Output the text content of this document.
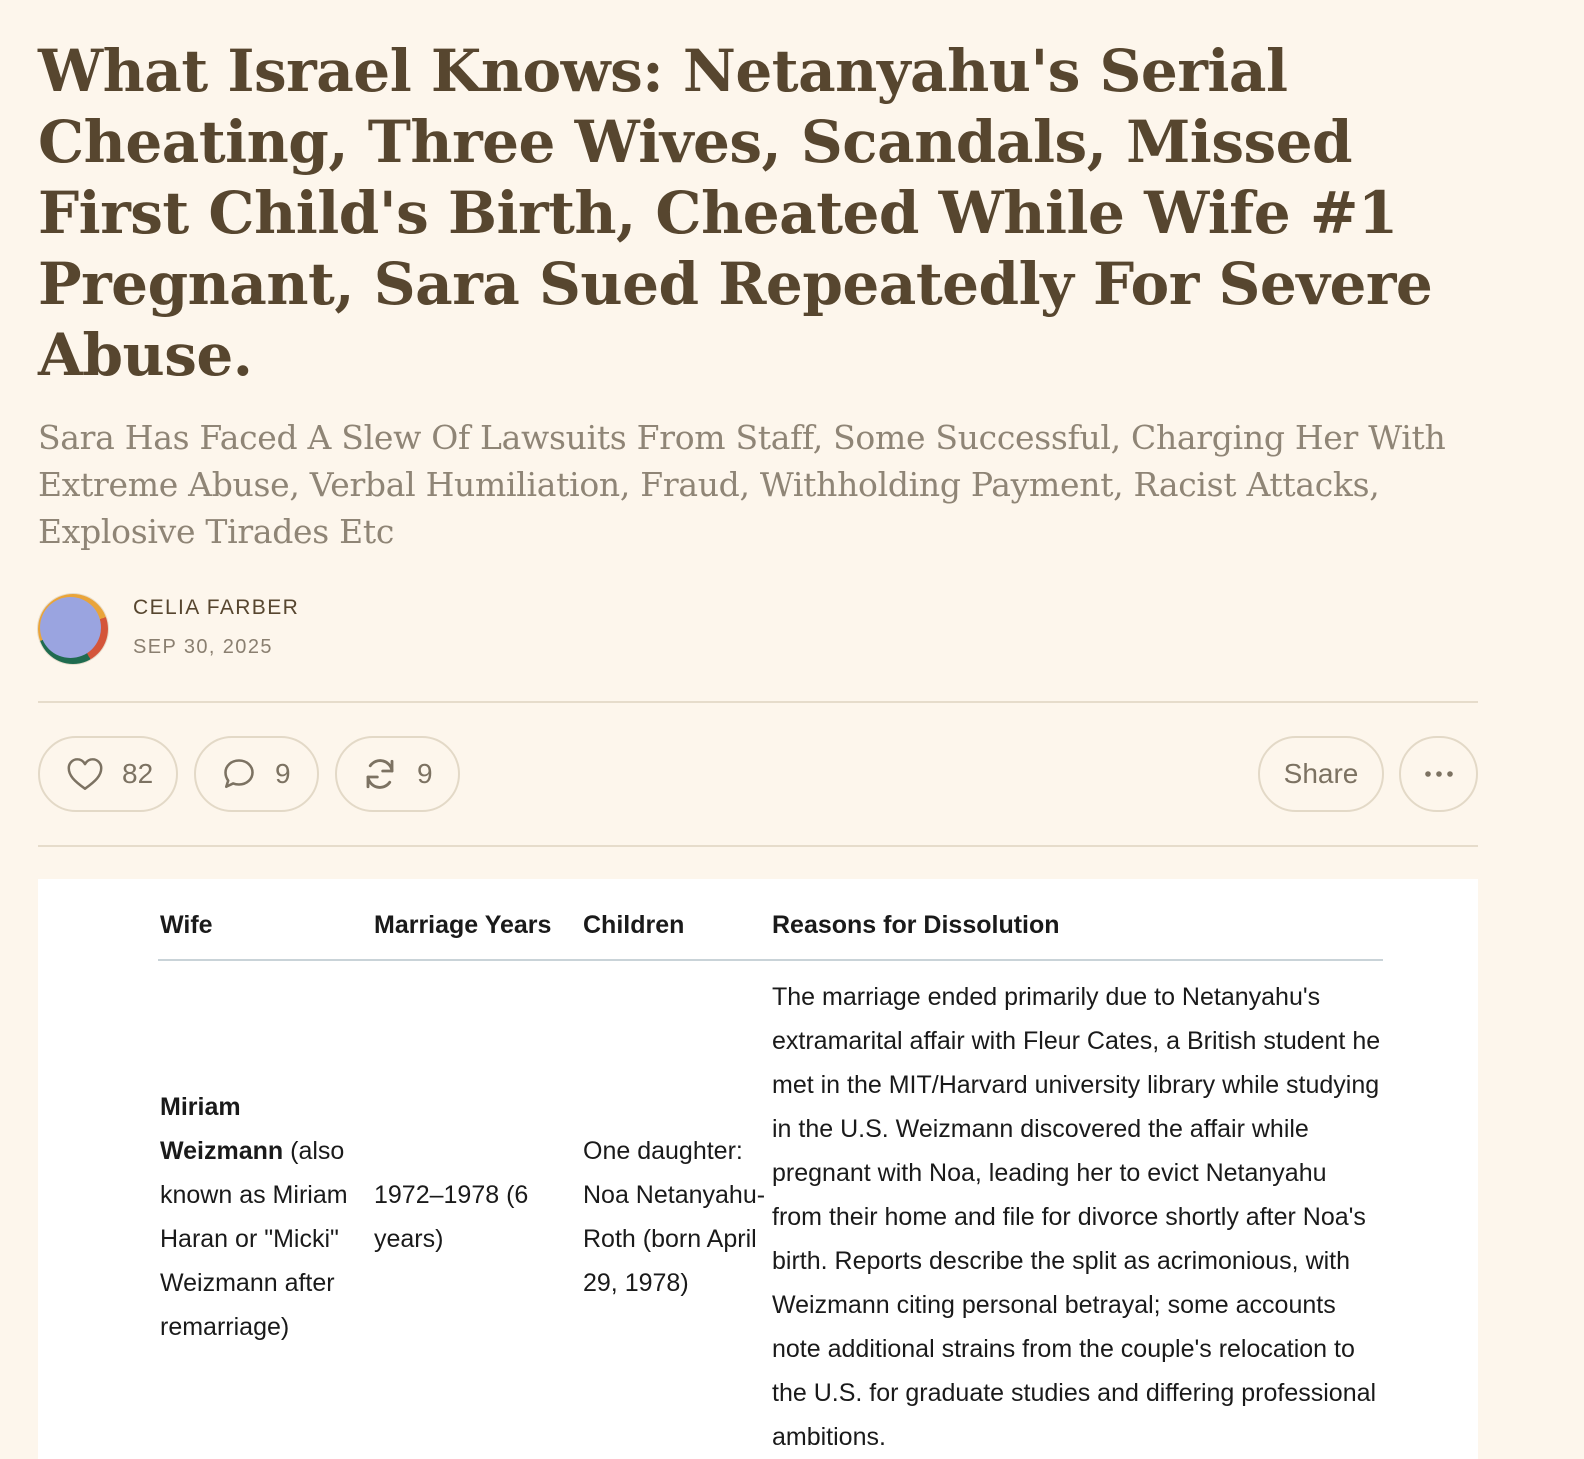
What Israel Knows: Netanyahu's Serial Cheating, Three Wives, Scandals, Missed First Child's Birth, Cheated While Wife #1 Pregnant, Sara Sued Repeatedly For Severe Abuse.
Sara Has Faced A Slew Of Lawsuits From Staff, Some Successful, Charging Her With Extreme Abuse, Verbal Humiliation, Fraud, Withholding Payment, Racist Attacks, Explosive Tirades Etc
CELIA FARBER
SEP 30, 2025
82	9	9	Share
Wife	Marriage Years	Children	Reasons for Dissolution
Miriam Weizmann (also known as Miriam Haran or "Micki" Weizmann after remarriage)	1972–1978 (6 years)	One daughter: Noa Netanyahu-Roth (born April 29, 1978)	The marriage ended primarily due to Netanyahu's extramarital affair with Fleur Cates, a British student he met in the MIT/Harvard university library while studying in the U.S. Weizmann discovered the affair while pregnant with Noa, leading her to evict Netanyahu from their home and file for divorce shortly after Noa's birth. Reports describe the split as acrimonious, with Weizmann citing personal betrayal; some accounts note additional strains from the couple's relocation to the U.S. for graduate studies and differing professional ambitions.
